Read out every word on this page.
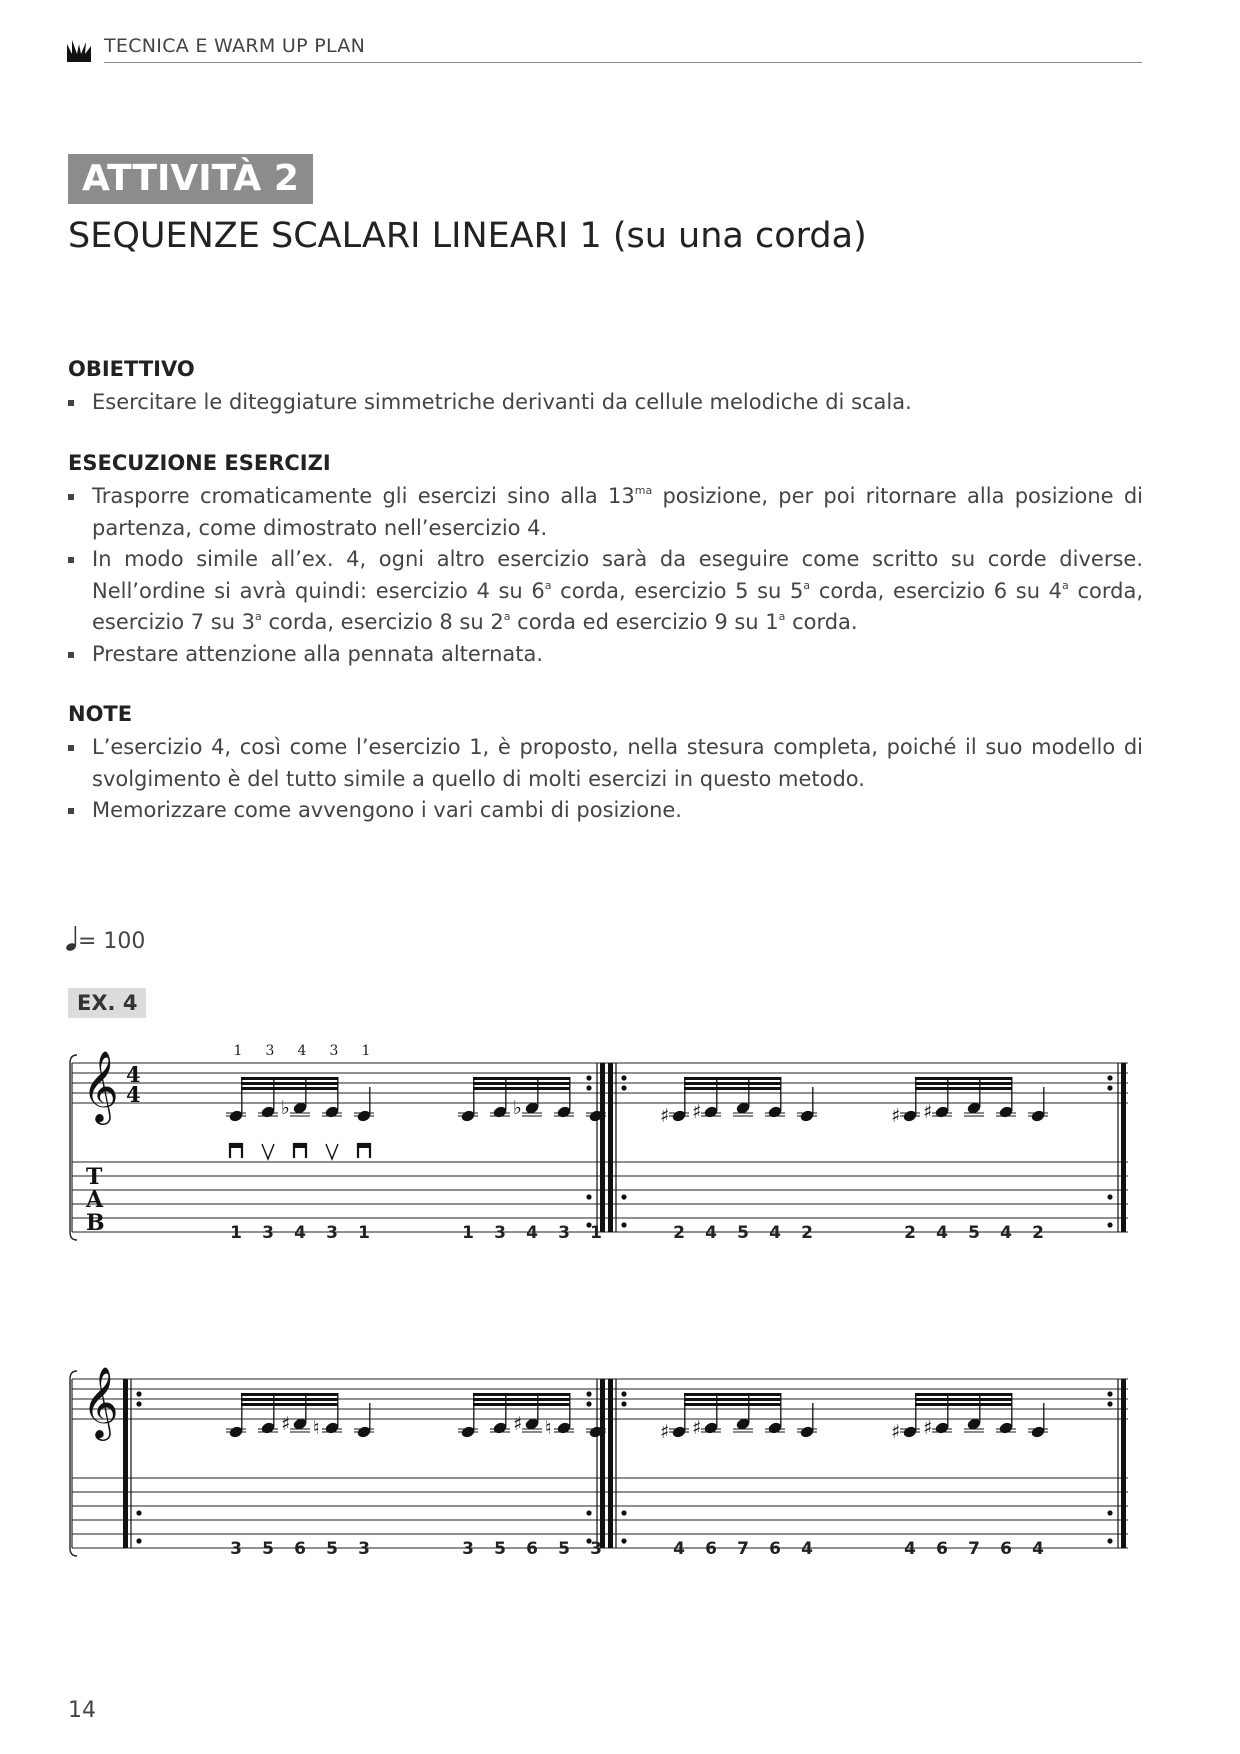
TECNICA E WARM UP PLAN
ATTIVITÀ 2
SEQUENZE SCALARI LINEARI 1 (su una corda)
OBIETTIVO
Esercitare le diteggiature simmetriche derivanti da cellule melodiche di scala.
ESECUZIONE ESERCIZI
Trasporre cromaticamente gli esercizi sino alla $13^{ma}$ posizione, per poi ritornare alla posizione di partenza, come dimostrato nell’esercizio 4.
In modo simile all’ex. 4, ogni altro esercizio sarà da eseguire come scritto su corde diverse. Nell’ordine si avrà quindi: esercizio 4 su 6$^a$ corda, esercizio 5 su 5$^a$ corda, esercizio 6 su 4$^a$ corda, esercizio 7 su 3$^a$ corda, esercizio 8 su 2$^a$ corda ed esercizio 9 su 1$^a$ corda.
Prestare attenzione alla pennata alternata.
NOTE
L’esercizio 4, così come l’esercizio 1, è proposto, nella stesura completa, poiché il suo modello di svolgimento è del tutto simile a quello di molti esercizi in questo metodo.
Memorizzare come avvengono i vari cambi di posizione.
= 100
EX. 4
𝄞 4
4
T
A
B	1 3
♭
4 3 1
1 3 4 3 1
1 3
♭
4 3 1
♯
2
♯
4 5 4 2
♯
2
♯
4 5 4 2
𝄞
3 5
♯
6
♮
5 3	3 5
♯
6
♮
5 3
♯
4
♯
6 7 6 4
♯
4
♯
6 7 6 4
14
